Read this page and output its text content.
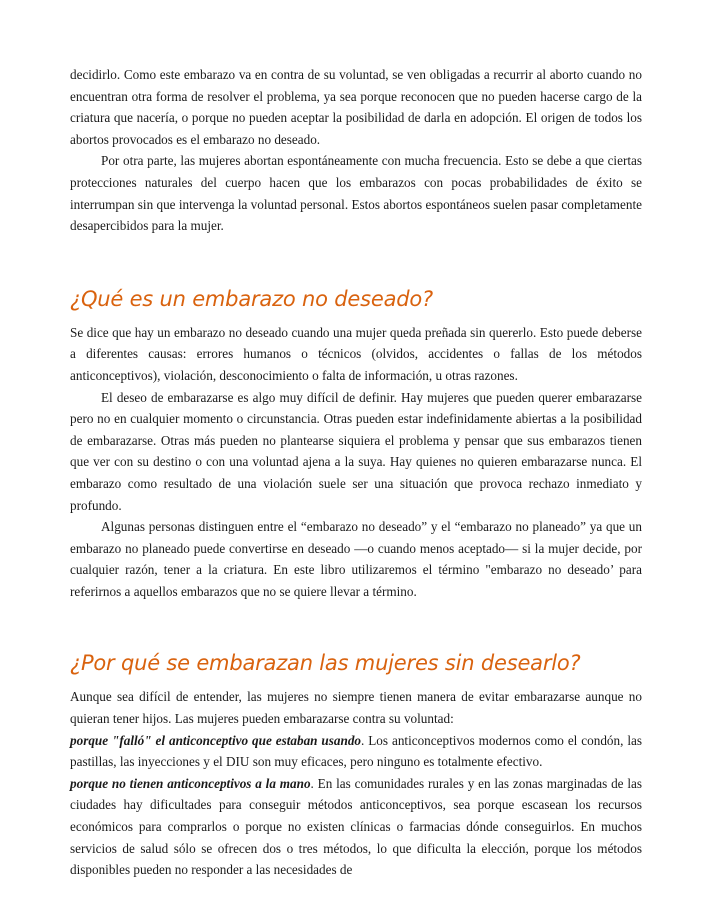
decidirlo. Como este embarazo va en contra de su voluntad, se ven obligadas a recurrir al aborto cuando no encuentran otra forma de resolver el problema, ya sea porque reconocen que no pueden hacerse cargo de la criatura que nacería, o porque no pueden aceptar la posibilidad de darla en adopción. El origen de todos los abortos provocados es el embarazo no deseado.

Por otra parte, las mujeres abortan espontáneamente con mucha frecuencia. Esto se debe a que ciertas protecciones naturales del cuerpo hacen que los embarazos con pocas probabilidades de éxito se interrumpan sin que intervenga la voluntad personal. Estos abortos espontáneos suelen pasar completamente desapercibidos para la mujer.

¿Qué es un embarazo no deseado?

Se dice que hay un embarazo no deseado cuando una mujer queda preñada sin quererlo. Esto puede deberse a diferentes causas: errores humanos o técnicos (olvidos, accidentes o fallas de los métodos anticonceptivos), violación, desconocimiento o falta de información, u otras razones.

El deseo de embarazarse es algo muy difícil de definir. Hay mujeres que pueden querer embarazarse pero no en cualquier momento o circunstancia. Otras pueden estar indefinidamente abiertas a la posibilidad de embarazarse. Otras más pueden no plantearse siquiera el problema y pensar que sus embarazos tienen que ver con su destino o con una voluntad ajena a la suya. Hay quienes no quieren embarazarse nunca. El embarazo como resultado de una violación suele ser una situación que provoca rechazo inmediato y profundo.

Algunas personas distinguen entre el “embarazo no deseado” y el “embarazo no planeado” ya que un embarazo no planeado puede convertirse en deseado —o cuando menos aceptado— si la mujer decide, por cualquier razón, tener a la criatura. En este libro utilizaremos el término "embarazo no deseado’ para referirnos a aquellos embarazos que no se quiere llevar a término.

¿Por qué se embarazan las mujeres sin desearlo?

Aunque sea difícil de entender, las mujeres no siempre tienen manera de evitar embarazarse aunque no quieran tener hijos. Las mujeres pueden embarazarse contra su voluntad:

porque "falló" el anticonceptivo que estaban usando. Los anticonceptivos modernos como el condón, las pastillas, las inyecciones y el DIU son muy eficaces, pero ninguno es totalmente efectivo.

porque no tienen anticonceptivos a la mano. En las comunidades rurales y en las zonas marginadas de las ciudades hay dificultades para conseguir métodos anticonceptivos, sea porque escasean los recursos económicos para comprarlos o porque no existen clínicas o farmacias dónde conseguirlos. En muchos servicios de salud sólo se ofrecen dos o tres métodos, lo que dificulta la elección, porque los métodos disponibles pueden no responder a las necesidades de
